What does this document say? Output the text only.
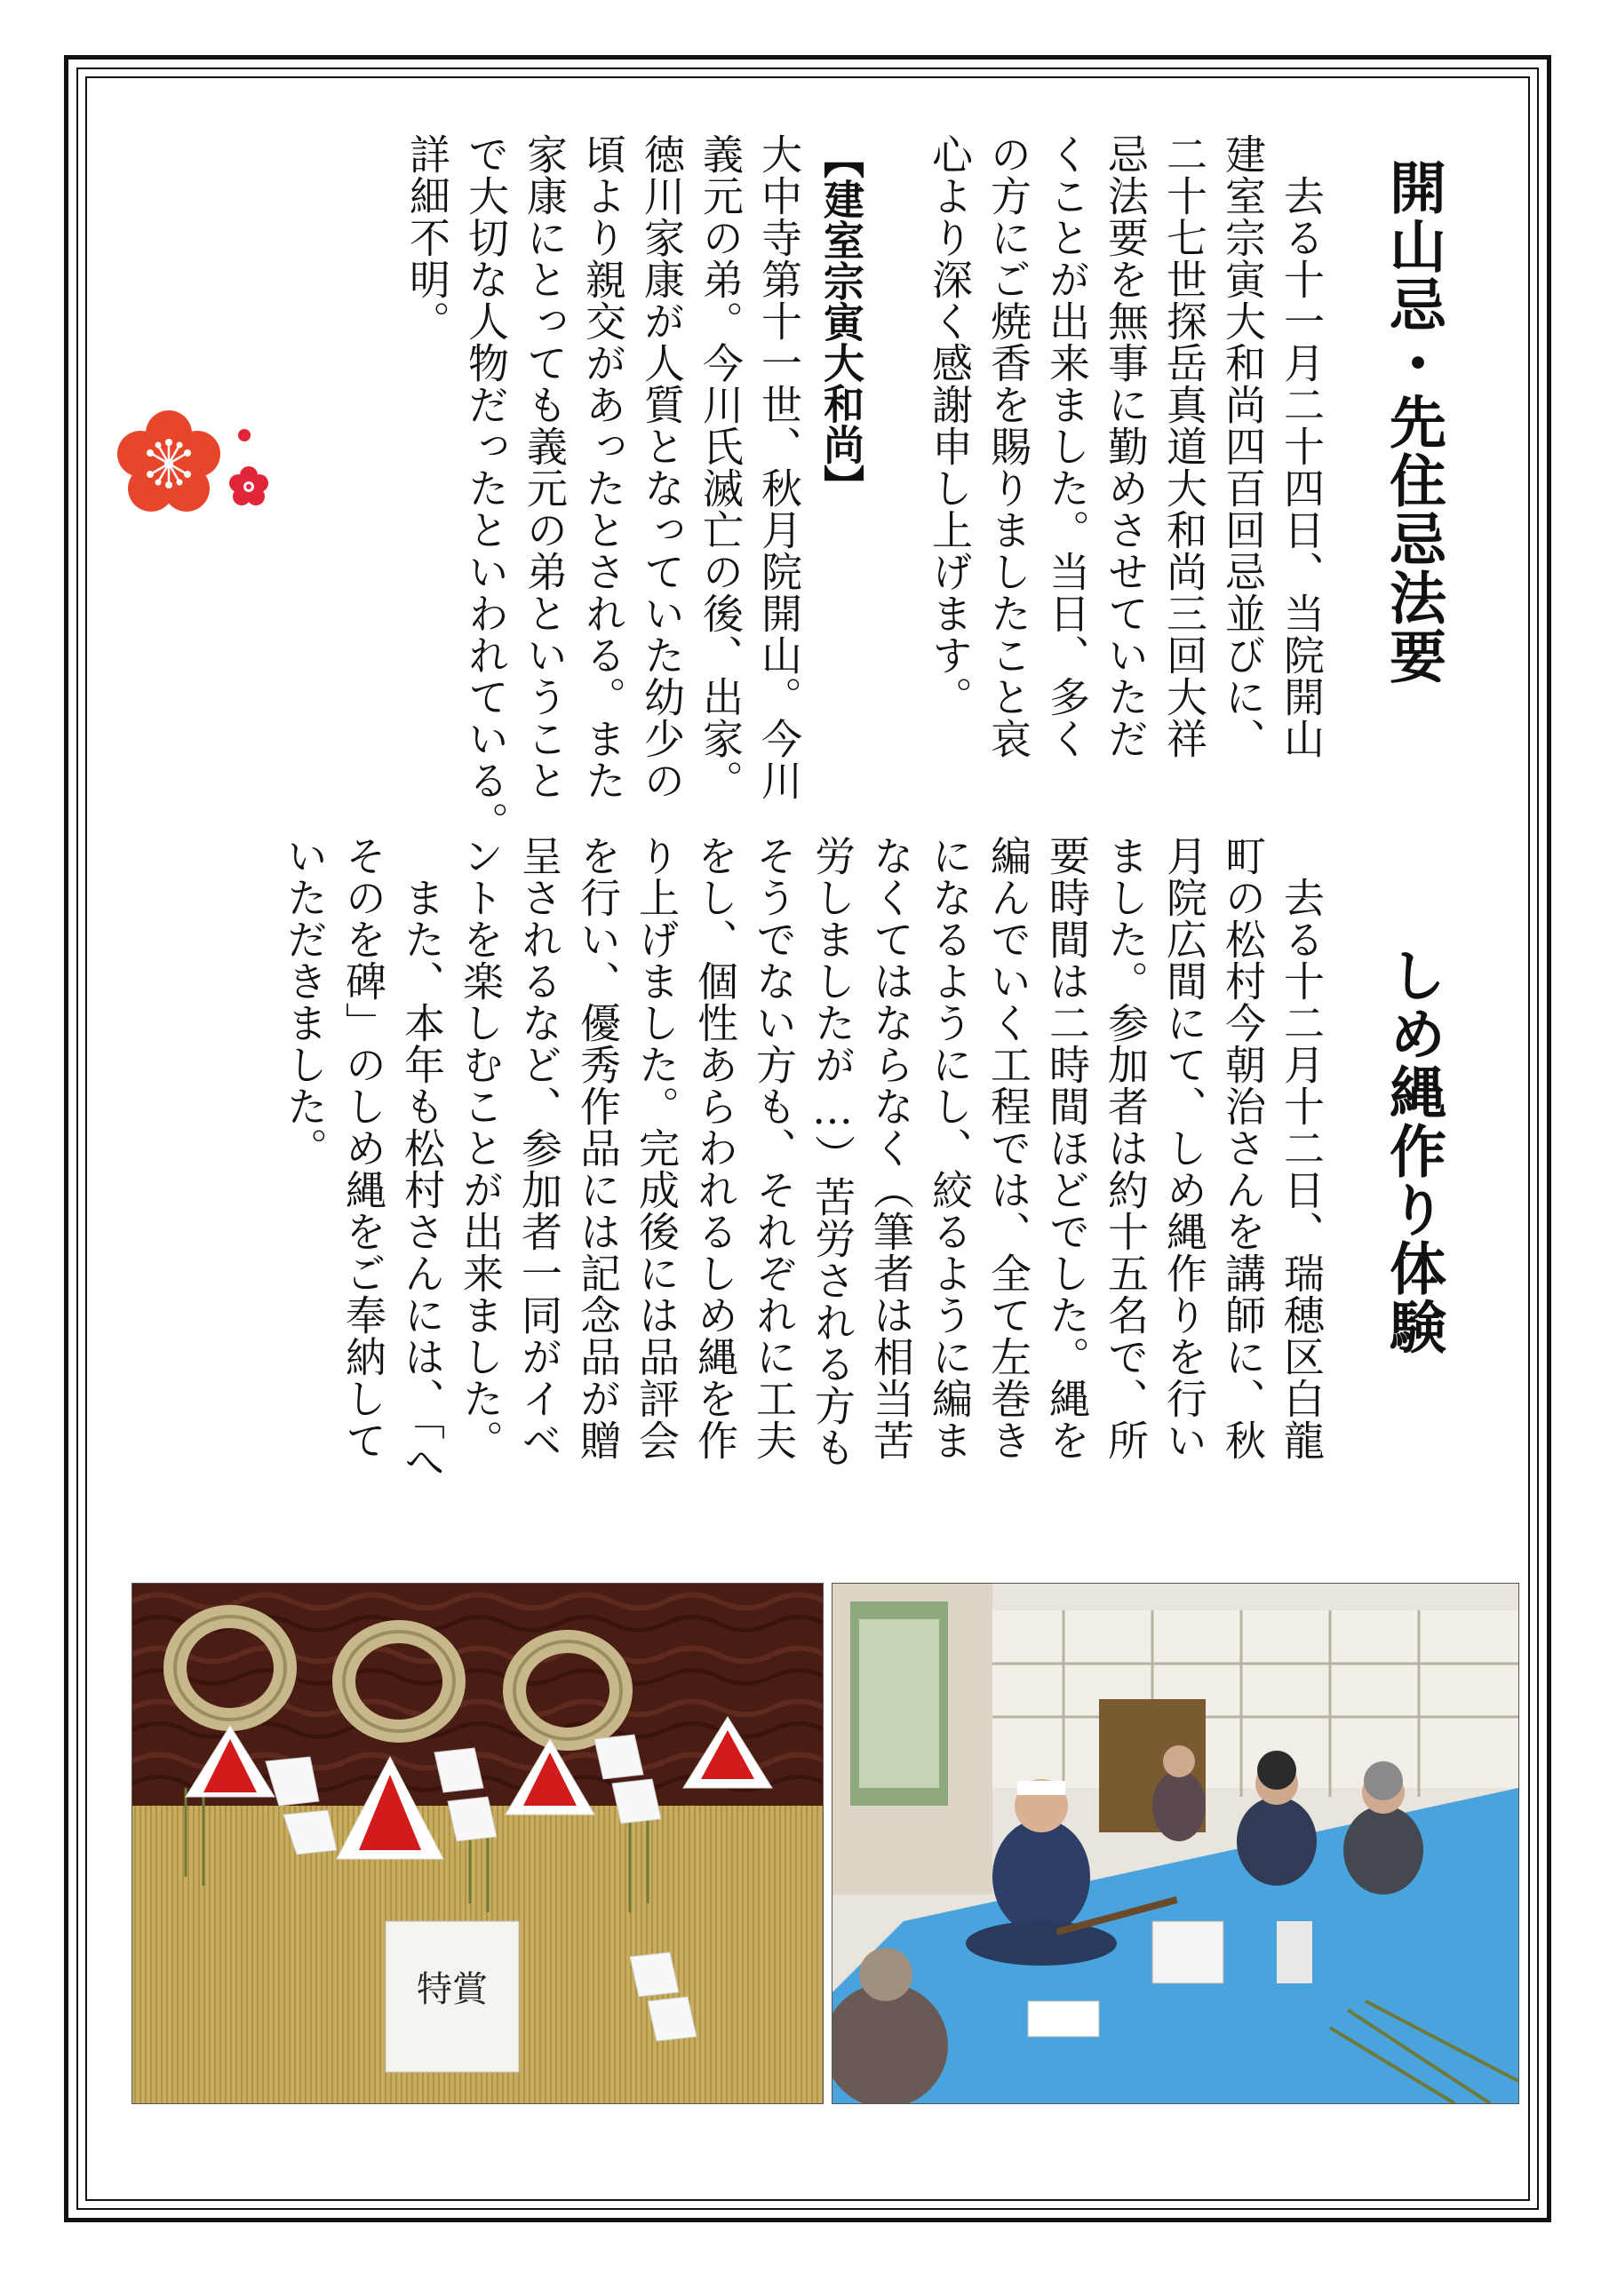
開山忌・先住忌法要
　去る十一月二十四日、当院開山
建室宗寅大和尚四百回忌並びに、
二十七世探岳真道大和尚三回大祥
忌法要を無事に勤めさせていただ
くことが出来ました。当日、多く
の方にご焼香を賜りましたこと哀
心より深く感謝申し上げます。
【建室宗寅大和尚】
大中寺第十一世、秋月院開山。今川
義元の弟。今川氏滅亡の後、出家。
徳川家康が人質となっていた幼少の
頃より親交があったとされる。また
家康にとっても義元の弟ということ
で大切な人物だったといわれている。
詳細不明。
しめ縄作り体験
　去る十二月十二日、瑞穂区白龍
町の松村今朝治さんを講師に、秋
月院広間にて、しめ縄作りを行い
ました。参加者は約十五名で、所
要時間は二時間ほどでした。縄を
編んでいく工程では、全て左巻き
になるようにし、絞るように編ま
なくてはならなく（筆者は相当苦
労しましたが…）苦労される方も
そうでない方も、それぞれに工夫
をし、個性あらわれるしめ縄を作
り上げました。完成後には品評会
を行い、優秀作品には記念品が贈
呈されるなど、参加者一同がイベ
ントを楽しむことが出来ました。
　また、本年も松村さんには、「へ
そのを碑」のしめ縄をご奉納して
いただきました。
特賞
